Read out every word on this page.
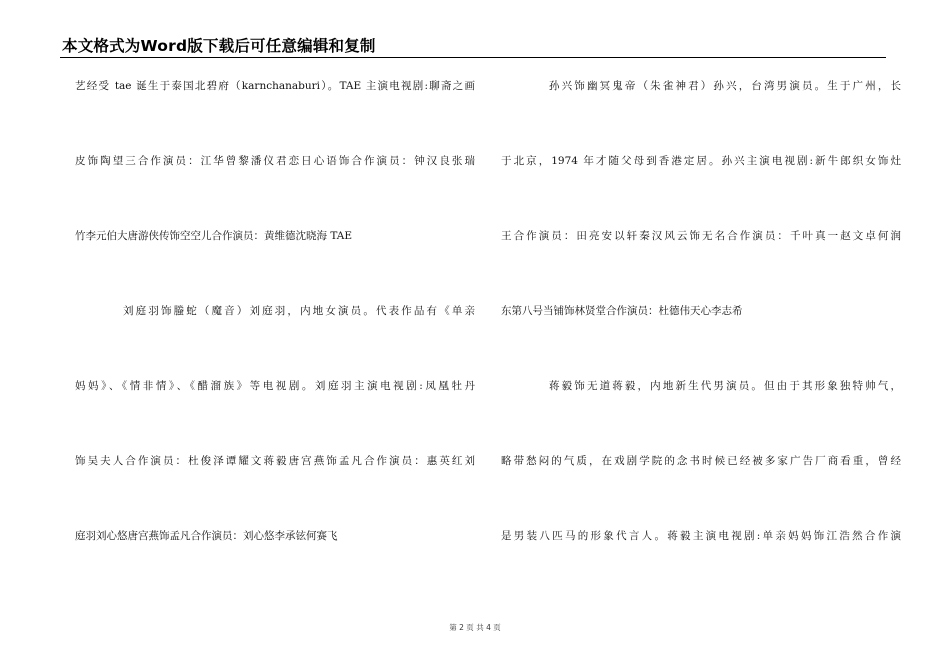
本文格式为Word版下载后可任意编辑和复制
艺经受 tae 诞生于泰国北碧府（karnchanaburi）。TAE 主演电视剧:聊斋之画
皮饰陶望三合作演员：江华曾黎潘仪君恋日心语饰合作演员：钟汉良张瑞
竹李元伯大唐游侠传饰空空儿合作演员：黄维德沈晓海 TAE
刘庭羽饰螣蛇（魔音）刘庭羽，内地女演员。代表作品有《单亲
妈妈》、《情非情》、《醋溜族》等电视剧。刘庭羽主演电视剧:凤凰牡丹
饰吴夫人合作演员：杜俊泽谭耀文蒋毅唐宫燕饰孟凡合作演员：惠英红刘
庭羽刘心悠唐宫燕饰孟凡合作演员：刘心悠李承铉何赛飞
孙兴饰幽冥鬼帝（朱雀神君）孙兴，台湾男演员。生于广州，长
于北京，1974 年才随父母到香港定居。孙兴主演电视剧:新牛郎织女饰灶
王合作演员：田亮安以轩秦汉风云饰无名合作演员：千叶真一赵文卓何润
东第八号当铺饰林贤堂合作演员：杜德伟天心李志希
蒋毅饰无道蒋毅，内地新生代男演员。但由于其形象独特帅气，
略带愁闷的气质，在戏剧学院的念书时候已经被多家广告厂商看重，曾经
是男装八匹马的形象代言人。蒋毅主演电视剧:单亲妈妈饰江浩然合作演
第 2 页 共 4 页
